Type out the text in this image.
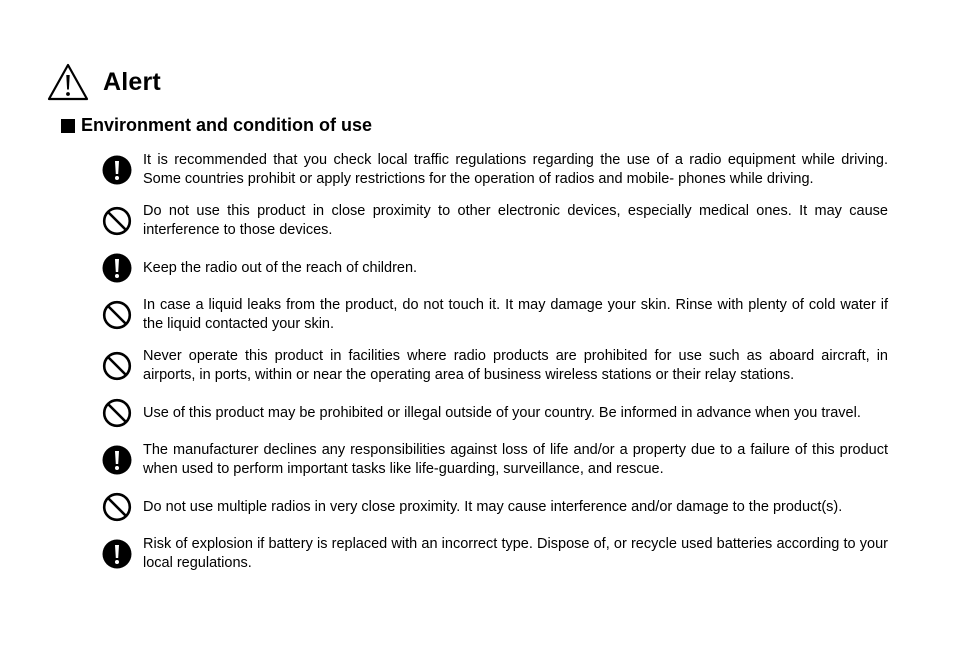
Alert
Environment and condition of use
It is recommended that you check local traffic regulations regarding the use of a radio equipment while driving. Some countries prohibit or apply restrictions for the operation of radios and mobile- phones while driving.
Do not use this product in close proximity to other electronic devices, especially medical ones. It may cause interference to those devices.
Keep the radio out of the reach of children.
In case a liquid leaks from the product, do not touch it. It may damage your skin. Rinse with plenty of cold water if the liquid contacted your skin.
Never operate this product in facilities where radio products are prohibited for use such as aboard aircraft, in airports, in ports, within or near the operating area of business wireless stations or their relay stations.
Use of this product may be prohibited or illegal outside of your country. Be informed in advance when you travel.
The manufacturer declines any responsibilities against loss of life and/or a property due to a failure of this product when used to perform important tasks like life-guarding, surveillance, and rescue.
Do not use multiple radios in very close proximity. It may cause interference and/or damage to the product(s).
Risk of explosion if battery is replaced with an incorrect type. Dispose of, or recycle used batteries according to your local regulations.
